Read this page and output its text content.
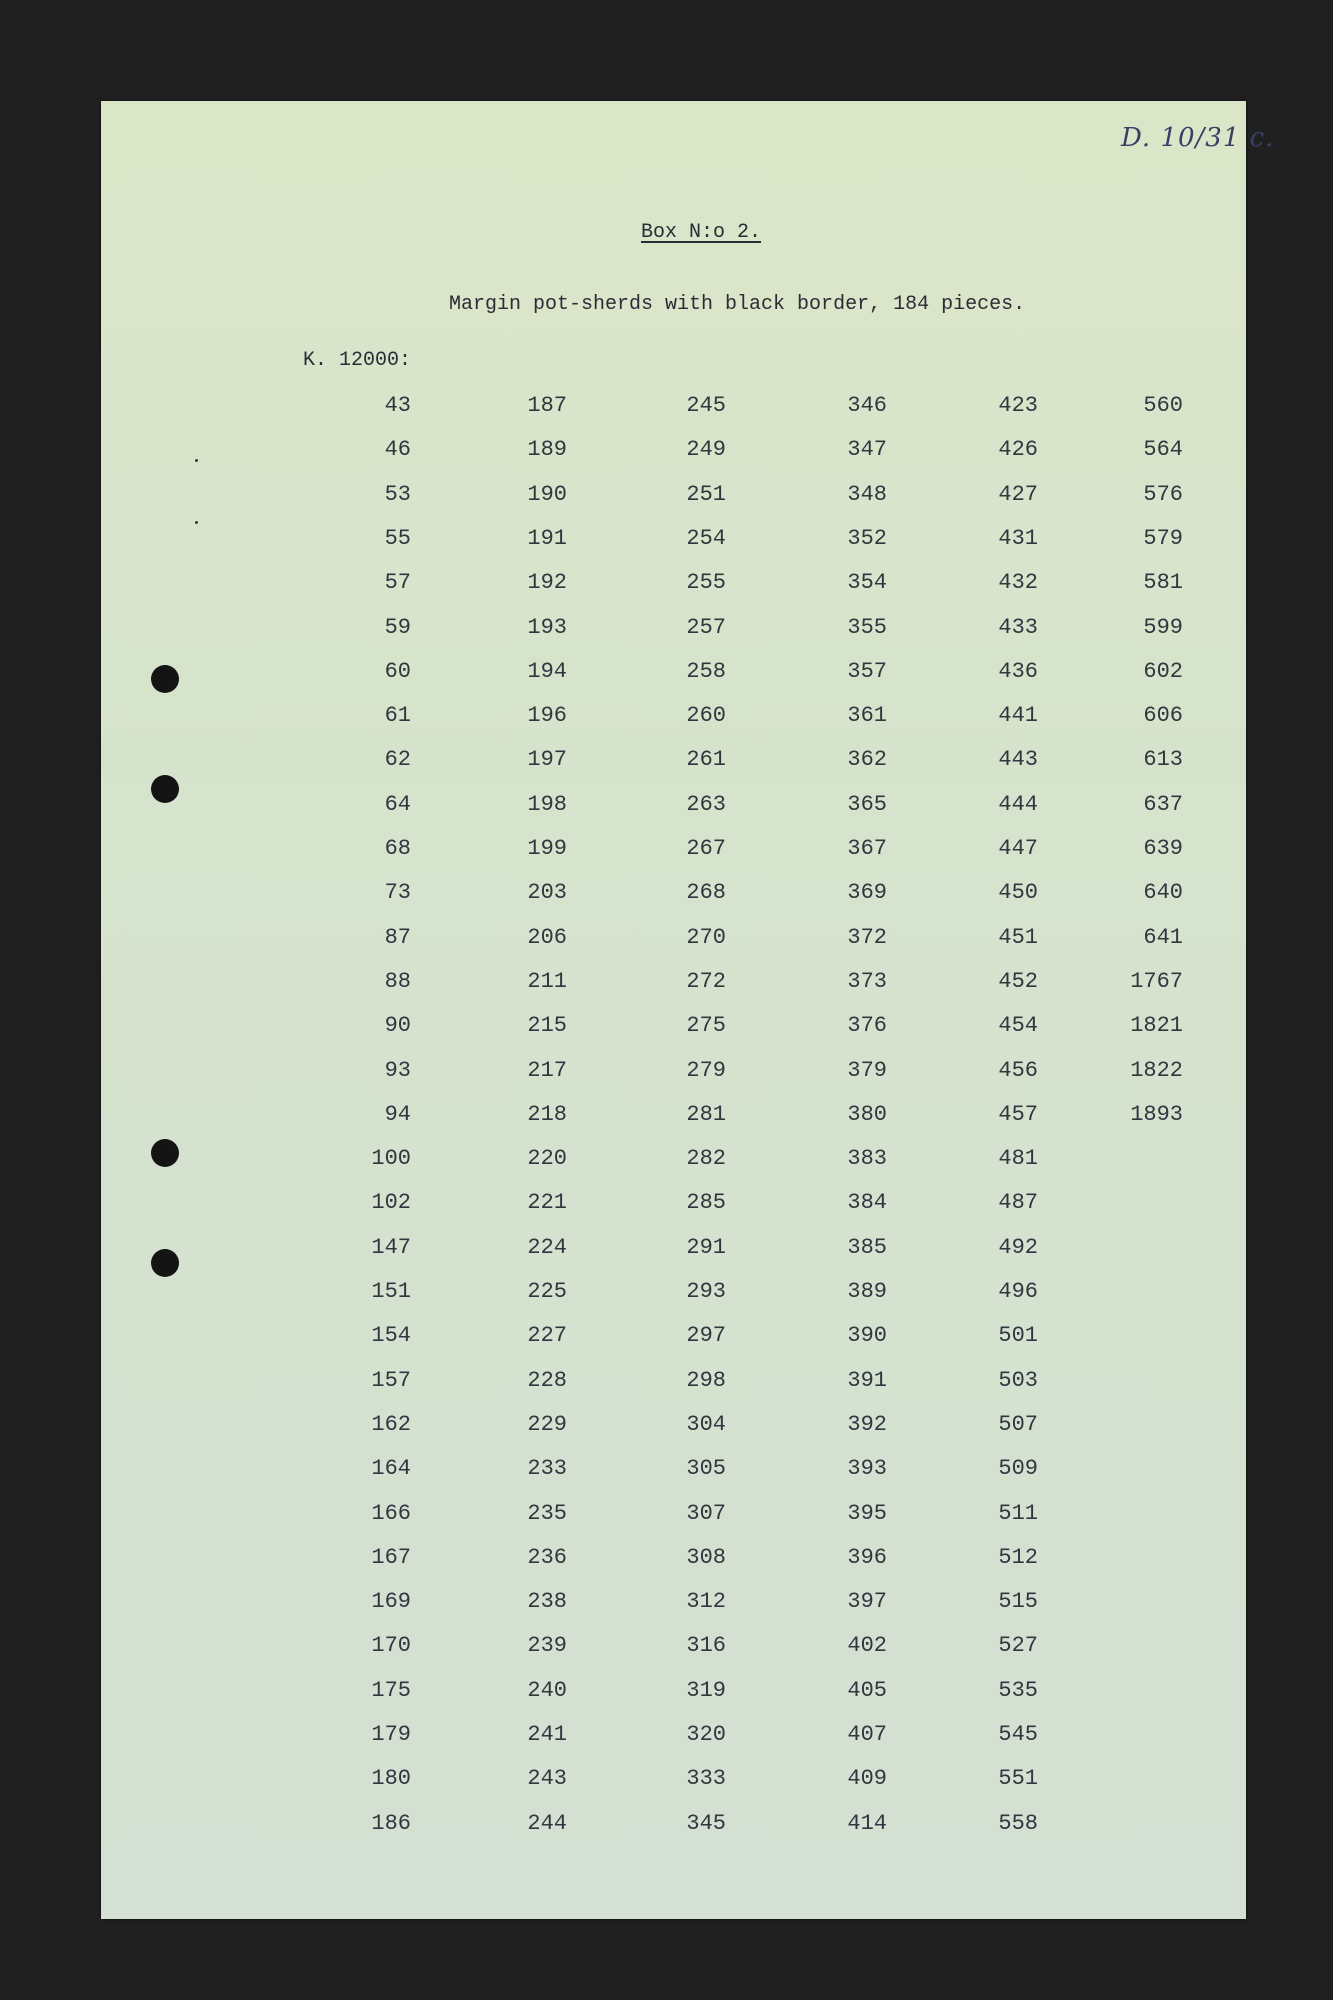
D. 10/31 c.
Box N:o 2.
Margin pot-sherds with black border, 184 pieces.
K. 12000:
43
46
53
55
57
59
60
61
62
64
68
73
87
88
90
93
94
100
102
147
151
154
157
162
164
166
167
169
170
175
179
180
186
187
189
190
191
192
193
194
196
197
198
199
203
206
211
215
217
218
220
221
224
225
227
228
229
233
235
236
238
239
240
241
243
244
245
249
251
254
255
257
258
260
261
263
267
268
270
272
275
279
281
282
285
291
293
297
298
304
305
307
308
312
316
319
320
333
345
346
347
348
352
354
355
357
361
362
365
367
369
372
373
376
379
380
383
384
385
389
390
391
392
393
395
396
397
402
405
407
409
414
423
426
427
431
432
433
436
441
443
444
447
450
451
452
454
456
457
481
487
492
496
501
503
507
509
511
512
515
527
535
545
551
558
560
564
576
579
581
599
602
606
613
637
639
640
641
1767
1821
1822
1893
